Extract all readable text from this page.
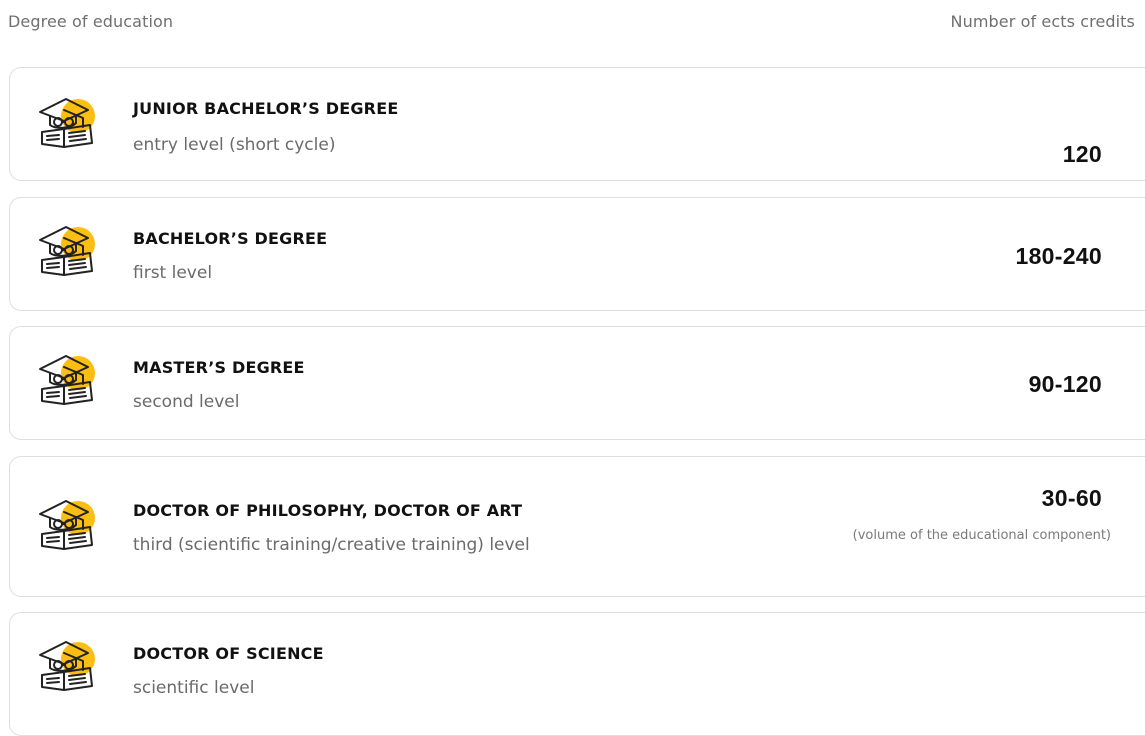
Degree of education	Number of ects credits
JUNIOR BACHELOR’S DEGREE
entry level (short cycle)	120
BACHELOR’S DEGREE
first level
180-240
MASTER’S DEGREE
second level
90-120
DOCTOR OF PHILOSOPHY, DOCTOR OF ART
third (scientific training/creative training) level
30-60
(volume of the educational component)
DOCTOR OF SCIENCE
scientific level
